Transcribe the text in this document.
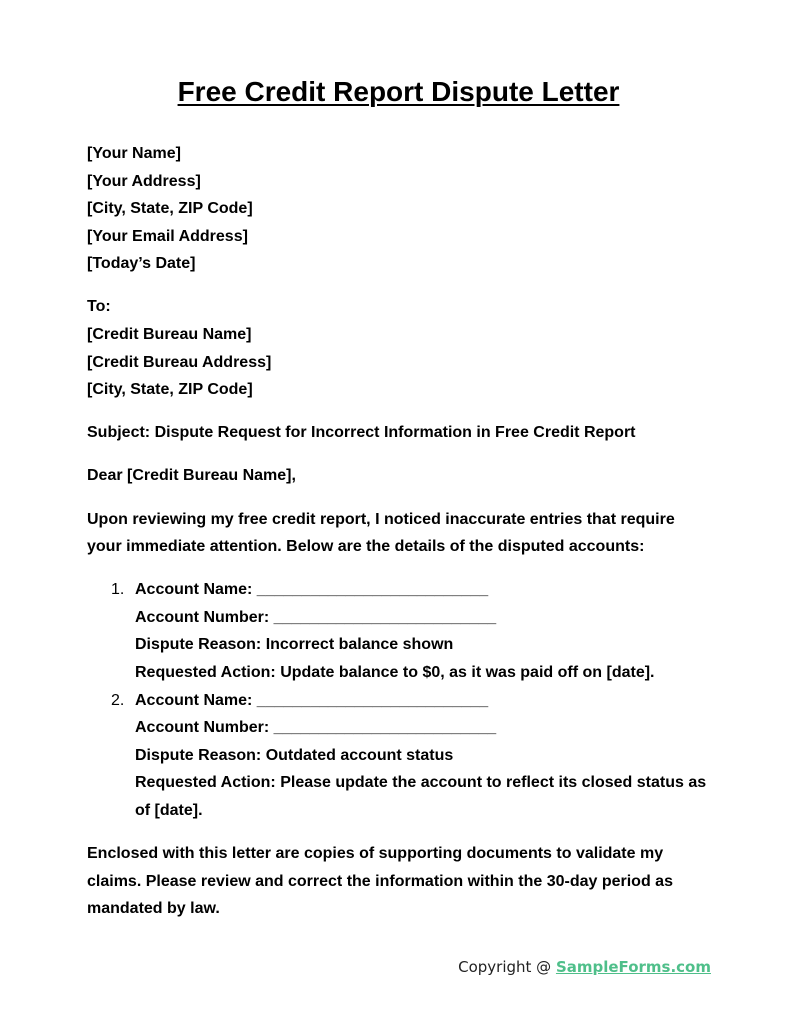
Free Credit Report Dispute Letter
[Your Name]
[Your Address]
[City, State, ZIP Code]
[Your Email Address]
[Today’s Date]
To:
[Credit Bureau Name]
[Credit Bureau Address]
[City, State, ZIP Code]

Subject: Dispute Request for Incorrect Information in Free Credit Report

Dear [Credit Bureau Name],

Upon reviewing my free credit report, I noticed inaccurate entries that require your immediate attention. Below are the details of the disputed accounts:

1. Account Name: __________________________
Account Number: _________________________
Dispute Reason: Incorrect balance shown
Requested Action: Update balance to $0, as it was paid off on [date].
2. Account Name: __________________________
Account Number: _________________________
Dispute Reason: Outdated account status
Requested Action: Please update the account to reflect its closed status as of [date].

Enclosed with this letter are copies of supporting documents to validate my claims. Please review and correct the information within the 30-day period as mandated by law.

Copyright @ SampleForms.com
